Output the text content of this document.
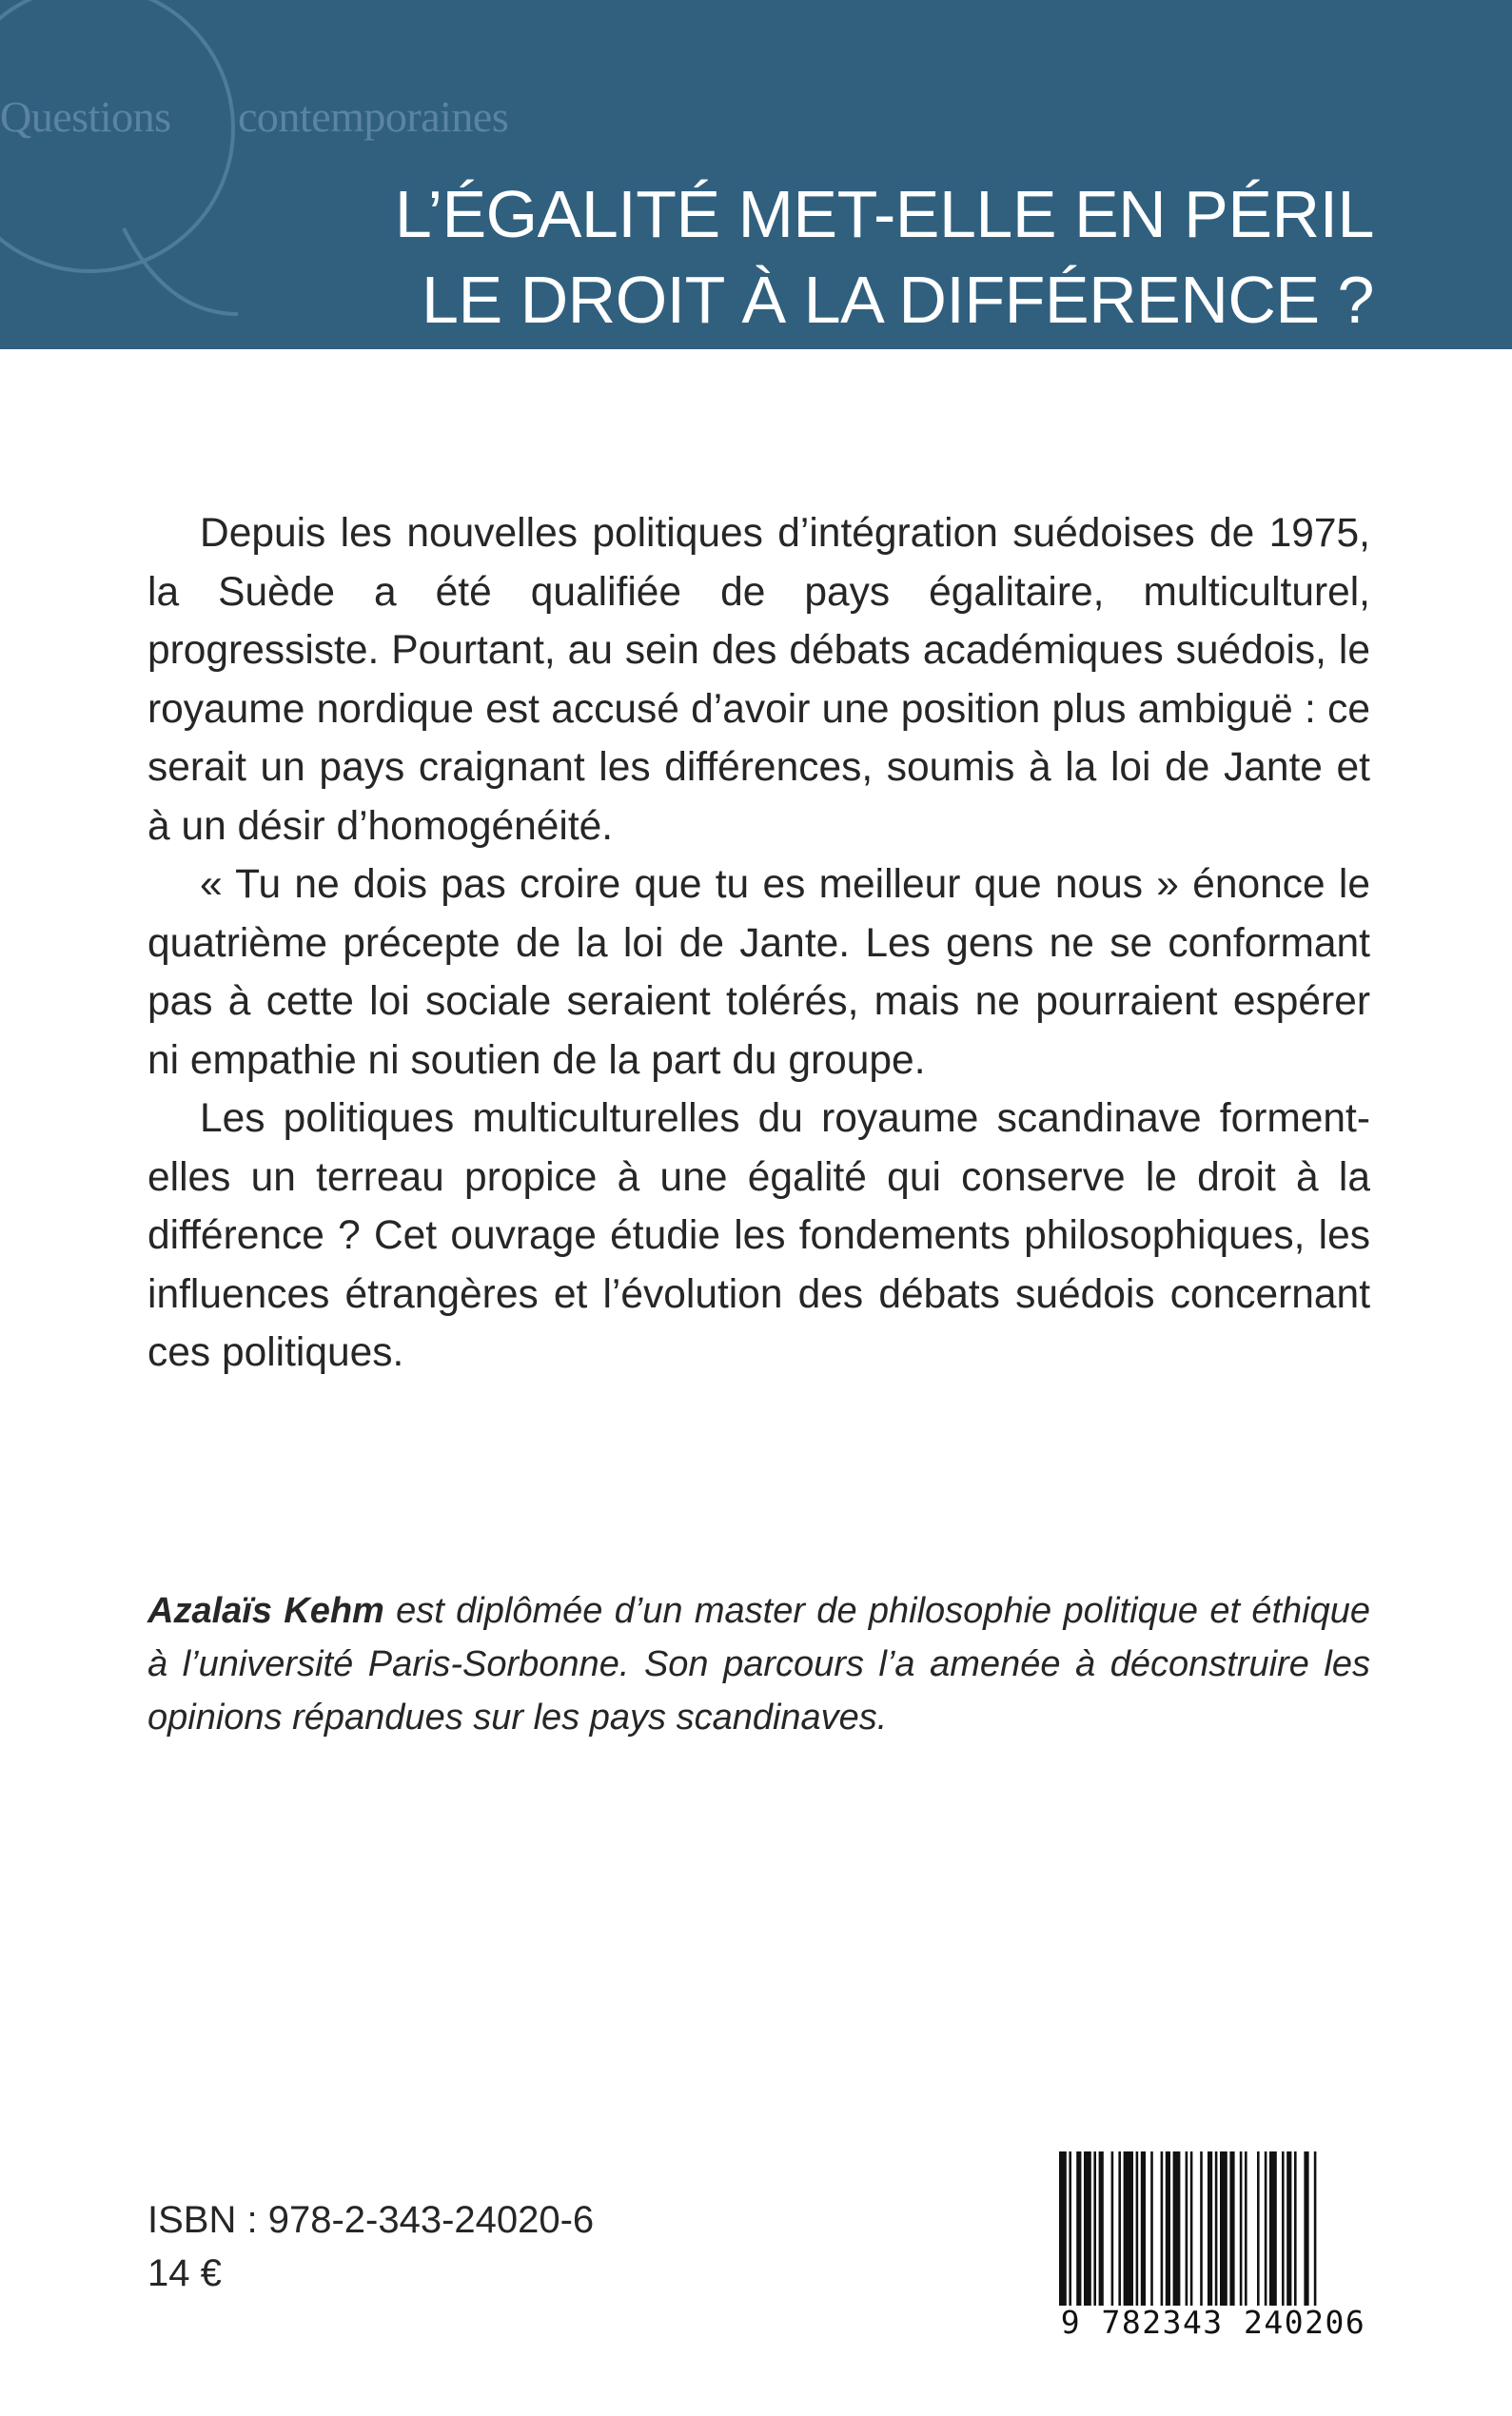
Questions contemporaines
L’ÉGALITÉ MET-ELLE EN PÉRIL
LE DROIT À LA DIFFÉRENCE ?

Depuis les nouvelles politiques d’intégration suédoises de 1975, la Suède a été qualifiée de pays égalitaire, multiculturel, progressiste. Pourtant, au sein des débats académiques suédois, le royaume nordique est accusé d’avoir une position plus ambiguë : ce serait un pays craignant les différences, soumis à la loi de Jante et à un désir d’homogénéité.

« Tu ne dois pas croire que tu es meilleur que nous » énonce le quatrième précepte de la loi de Jante. Les gens ne se conformant pas à cette loi sociale seraient tolérés, mais ne pourraient espérer ni empathie ni soutien de la part du groupe.

Les politiques multiculturelles du royaume scandinave forment-elles un terreau propice à une égalité qui conserve le droit à la différence ? Cet ouvrage étudie les fondements philosophiques, les influences étrangères et l’évolution des débats suédois concernant ces politiques.

Azalaïs Kehm est diplômée d’un master de philosophie politique et éthique à l’université Paris-Sorbonne. Son parcours l’a amenée à déconstruire les opinions répandues sur les pays scandinaves.
ISBN : 978-2-343-24020-6
14 €
9 782343 240206
